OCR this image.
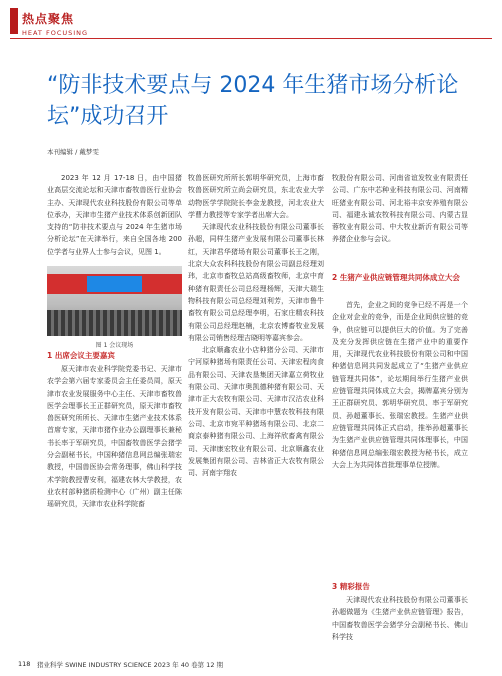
热点聚焦
HEAT FOCUSING
“防非技术要点与 2024 年生猪市场分析论坛”成功召开
本刊编辑 / 戴梦雯

2023 年 12 月 17-18 日，由中国猪业高层交流论坛和天津市畜牧兽医行业协会主办、天津现代农业科技股份有限公司等单位承办，天津市生猪产业技术体系创新团队支持的“防非技术要点与 2024 年生猪市场分析论坛”在天津举行，来自全国各地 200 位学者与业界人士参与会议，见图 1。

图 1 会议现场
1 出席会议主要嘉宾

原天津市农业科学院党委书记、天津市农学会第六届专家委员会主任委员周，原天津市农业发展服务中心主任、天津市畜牧兽医学会理事长王正群研究员，原天津市畜牧兽医研究所所长、天津市生猪产业技术体系首席专家，天津市猪作业办公副理事长兼秘书长率于军研究员，中国畜牧兽医学会猪学分会副秘书长，中国种猪信息网总编张瑞宏教授，中国兽医协会常务理事，佛山科学技术学院教授曹安利，福建农林大学教授，农业农村部种猪质检测中心（广州）副主任陈瑶研究员，天津市农业科学院畜

牧兽医研究所所长郭明华研究员，上海市畜牧兽医研究所立尚会研究员，东北农业大学动物医学学院院长李金龙教授，河北农业大学曹力教授等专家学者出席大会。

天津现代农业科技股份有限公司董事长孙超，同样生猪产业发展有限公司董事长林红，天津君华猪场有限公司董事长王之刚，北京大众农科科技股份有限公司副总经理刘玮，北京市畜牧总站高级畜牧师，北京中育种猪有限责任公司总经理杨辉，天津大瑞生物科技有限公司总经理刘利芳，天津市鲁牛畜牧有限公司总经理李明，石家庄精农科技有限公司总经理赵楠，北京农博畜牧业发展有限公司销售经理吉晓明等嘉宾参会。

北京顺鑫农业小店种猪分公司、天津市宁河原种猪场有限责任公司、天津宏程肉食品有限公司、天津农垦集团天津嘉立荷牧业有限公司、天津市奥凯德种猪有限公司、天津市正大农牧有限公司、天津市汉沽农业科技开发有限公司、天津市中慧农牧科技有限公司、北京市宛平种猪场有限公司、北京二商京泰种猪有限公司、上海祥欣畜禽有限公司、天津康宏牧业有限公司、北京顺鑫农业发展集团有限公司、吉林省正大农牧有限公司、河南宇翔农

牧股份有限公司、河南省谊发牧业有限责任公司、广东中芯种业科技有限公司、河南精旺猪业有限公司、河北裕丰京安养殖有限公司、福建永诚农牧科技有限公司、内蒙古显蓉牧业有限公司、中大牧业新沂有限公司等养猪企业参与会议。

2 生猪产业供应链管理共同体成立大会

首先，企业之间的竞争已经不再是一个企业对企业的竞争，而是企业间供应链的竞争，供应链可以提供巨大的价值。为了完善及充分发挥供应链在生猪产业中的重要作用，天津现代农业科技股份有限公司和中国种猪信息网共同发起成立了“生猪产业供应链管理共同体”，论坛期间举行生猪产业供应链管理共同体成立大会，揭牌嘉宾分别为王正群研究员、郭明华研究员、率于军研究员、孙超董事长、张瑞宏教授。生猪产业供应链管理共同体正式启动，推举孙超董事长为生猪产业供应链管理共同体理事长，中国种猪信息网总编张瑞宏教授为秘书长，成立大会上为共同体首批理事单位授牌。

3 精彩报告

天津现代农业科技股份有限公司董事长孙超做题为《生猪产业供应链管理》报告，中国畜牧兽医学会猪学分会副秘书长、佛山科学技

118 猪业科学 SWINE INDUSTRY SCIENCE 2023 年 40 卷第 12 期
